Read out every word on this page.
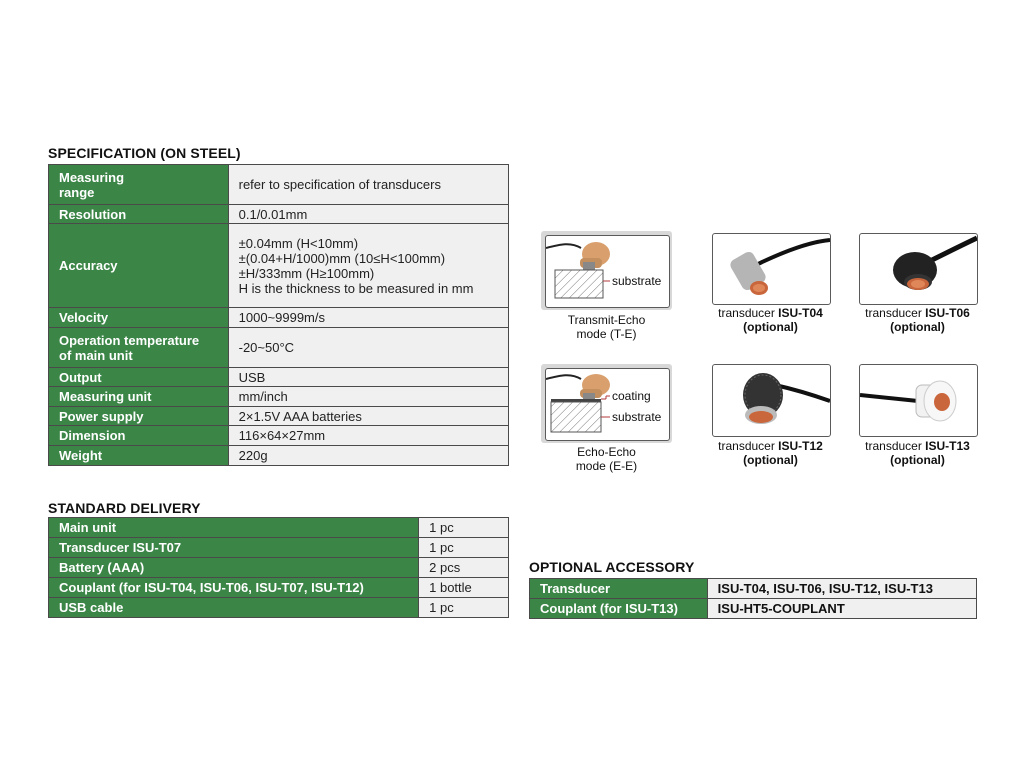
SPECIFICATION (ON STEEL)
Measuring
range	refer to specification of transducers

Resolution	0.1/0.01mm

Accuracy	±0.04mm (H<10mm)
±(0.04+H/1000)mm (10≤H<100mm)
±H/333mm (H≥100mm)
H is the thickness to be measured in mm

Velocity	1000~9999m/s

Operation temperature
of main unit	-20~50°C

Output	USB

Measuring unit	mm/inch

Power supply	2×1.5V AAA batteries

Dimension	116×64×27mm

Weight	220g
STANDARD DELIVERY
Main unit	1 pc
Transducer ISU-T07	1 pc
Battery (AAA)	2 pcs
Couplant (for ISU-T04, ISU-T06, ISU-T07, ISU-T12)	1 bottle
USB cable	1 pc
OPTIONAL ACCESSORY
Transducer	ISU-T04, ISU-T06, ISU-T12, ISU-T13
Couplant (for ISU-T13)	ISU-HT5-COUPLANT
substrate
Transmit-Echo
mode (T-E)
coating
substrate
Echo-Echo
mode (E-E)
transducer ISU-T04
(optional)
transducer ISU-T06
(optional)
transducer ISU-T12
(optional)
transducer ISU-T13
(optional)
